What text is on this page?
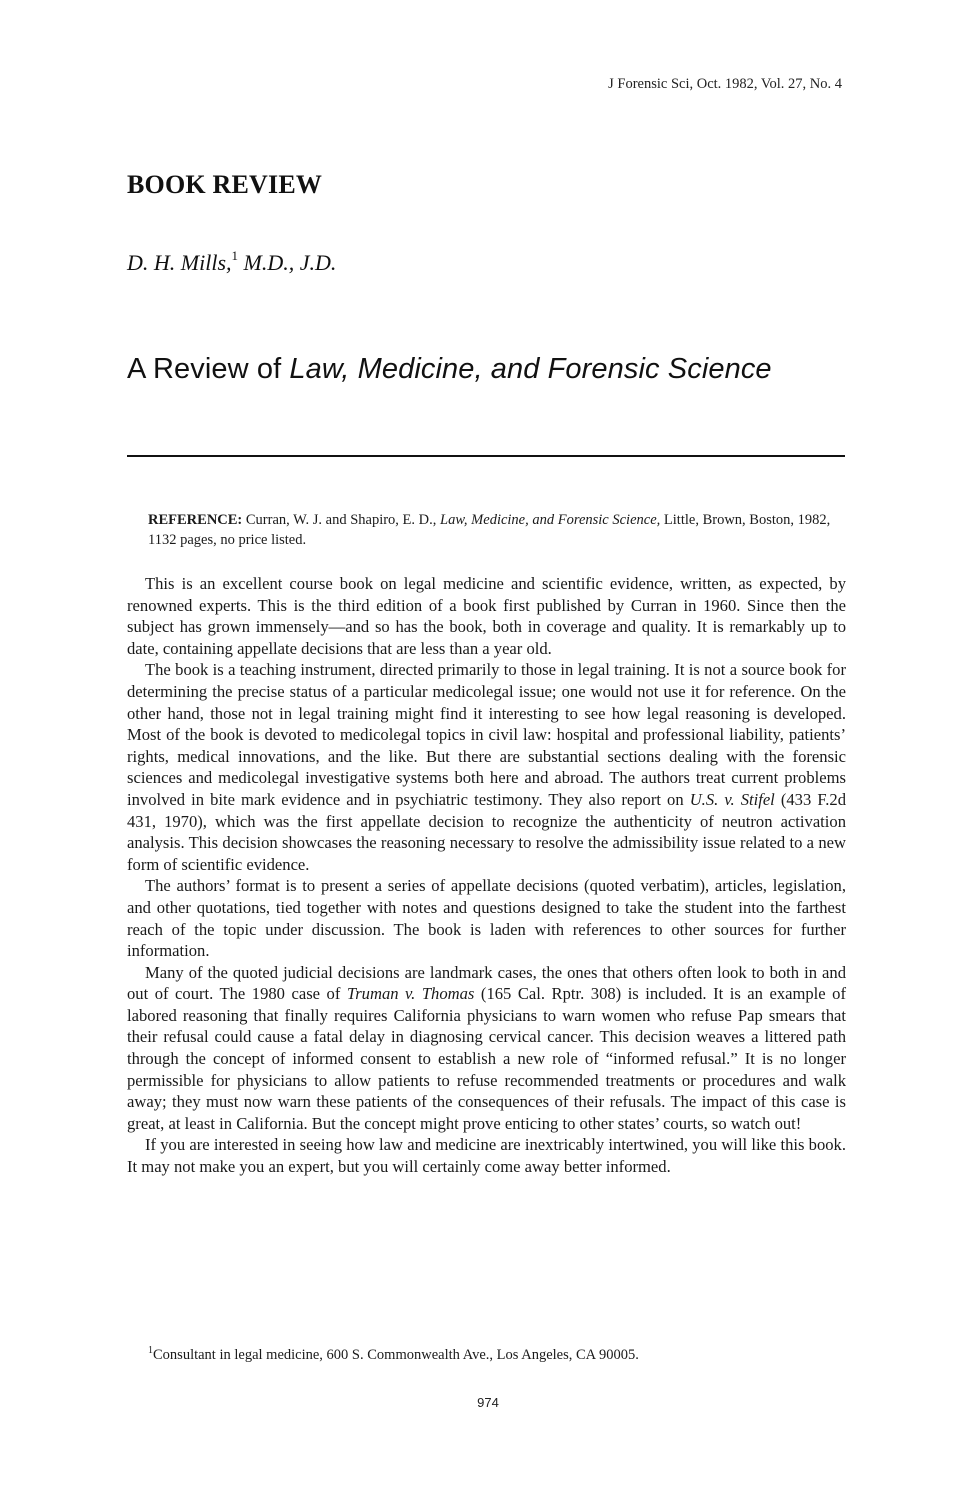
J Forensic Sci, Oct. 1982, Vol. 27, No. 4
BOOK REVIEW
D. H. Mills,$^1$ M.D., J.D.
A Review of Law, Medicine, and Forensic Science
REFERENCE: Curran, W. J. and Shapiro, E. D., Law, Medicine, and Forensic Science, Little, Brown, Boston, 1982, 1132 pages, no price listed.

This is an excellent course book on legal medicine and scientific evidence, written, as expected, by renowned experts. This is the third edition of a book first published by Curran in 1960. Since then the subject has grown immensely—and so has the book, both in coverage and quality. It is remarkably up to date, containing appellate decisions that are less than a year old.

The book is a teaching instrument, directed primarily to those in legal training. It is not a source book for determining the precise status of a particular medicolegal issue; one would not use it for reference. On the other hand, those not in legal training might find it interesting to see how legal reasoning is developed. Most of the book is devoted to medicolegal topics in civil law: hospital and professional liability, patients’ rights, medical innovations, and the like. But there are substantial sections dealing with the forensic sciences and medicolegal investigative systems both here and abroad. The authors treat current problems involved in bite mark evidence and in psychiatric testimony. They also report on U.S. v. Stifel (433 F.2d 431, 1970), which was the first appellate decision to recognize the authenticity of neutron activation analysis. This decision showcases the reasoning necessary to resolve the admissibility issue related to a new form of scientific evidence.

The authors’ format is to present a series of appellate decisions (quoted verbatim), articles, legislation, and other quotations, tied together with notes and questions designed to take the student into the farthest reach of the topic under discussion. The book is laden with references to other sources for further information.

Many of the quoted judicial decisions are landmark cases, the ones that others often look to both in and out of court. The 1980 case of Truman v. Thomas (165 Cal. Rptr. 308) is included. It is an example of labored reasoning that finally requires California physicians to warn women who refuse Pap smears that their refusal could cause a fatal delay in diagnosing cervical cancer. This decision weaves a littered path through the concept of informed consent to establish a new role of “informed refusal.” It is no longer permissible for physicians to allow patients to refuse recommended treatments or procedures and walk away; they must now warn these patients of the consequences of their refusals. The impact of this case is great, at least in California. But the concept might prove enticing to other states’ courts, so watch out!

If you are interested in seeing how law and medicine are inextricably intertwined, you will like this book. It may not make you an expert, but you will certainly come away better informed.

$^1$Consultant in legal medicine, 600 S. Commonwealth Ave., Los Angeles, CA 90005.
974
